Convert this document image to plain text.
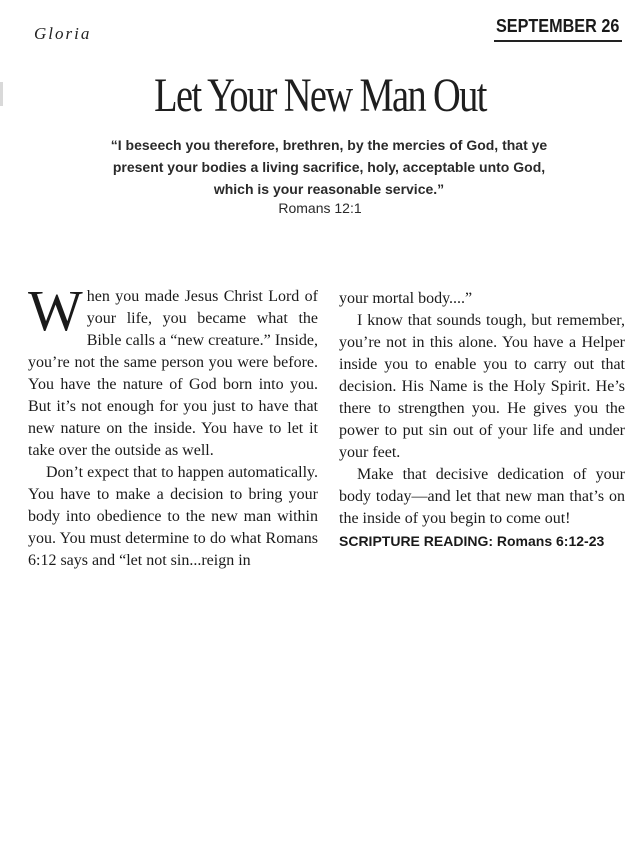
Gloria	SEPTEMBER 26
Let Your New Man Out
“I beseech you therefore, brethren, by the mercies of God, that ye present your bodies a living sacrifice, holy, acceptable unto God, which is your reasonable service.”
Romans 12:1

When you made Jesus Christ Lord of your life, you became what the Bible calls a “new creature.” Inside, you’re not the same person you were before. You have the nature of God born into you. But it’s not enough for you just to have that new nature on the inside. You have to let it take over the outside as well.

Don’t expect that to happen automatically. You have to make a decision to bring your body into obedience to the new man within you. You must determine to do what Romans 6:12 says and “let not sin...reign in

your mortal body....”

I know that sounds tough, but remember, you’re not in this alone. You have a Helper inside you to enable you to carry out that decision. His Name is the Holy Spirit. He’s there to strengthen you. He gives you the power to put sin out of your life and under your feet.

Make that decisive dedication of your body today—and let that new man that’s on the inside of you begin to come out!

SCRIPTURE READING: Romans 6:12-23
